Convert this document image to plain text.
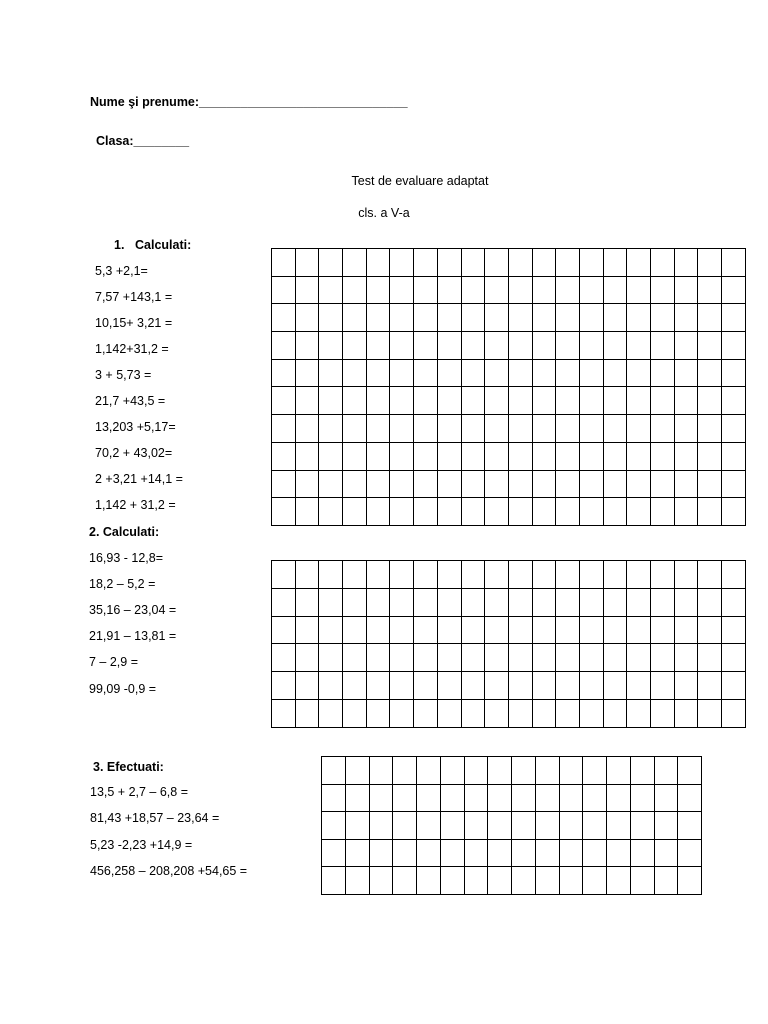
Nume şi prenume:______________________________
Clasa:________
Test de evaluare adaptat
cls. a V-a
1. Calculati:
5,3 +2,1=
7,57 +143,1 =
10,15+ 3,21 =
1,142+31,2 =
3 + 5,73 =
21,7 +43,5 =
13,203 +5,17=
70,2 + 43,02=
2 +3,21 +14,1 =
1,142 + 31,2 =

2. Calculati:
16,93 - 12,8=
18,2 – 5,2 =
35,16 – 23,04 =
21,91 – 13,81 =
7 – 2,9 =
99,09 -0,9 =

3. Efectuati:
13,5 + 2,7 – 6,8 =
81,43 +18,57 – 23,64 =
5,23 -2,23 +14,9 =
456,258 – 208,208 +54,65 =
